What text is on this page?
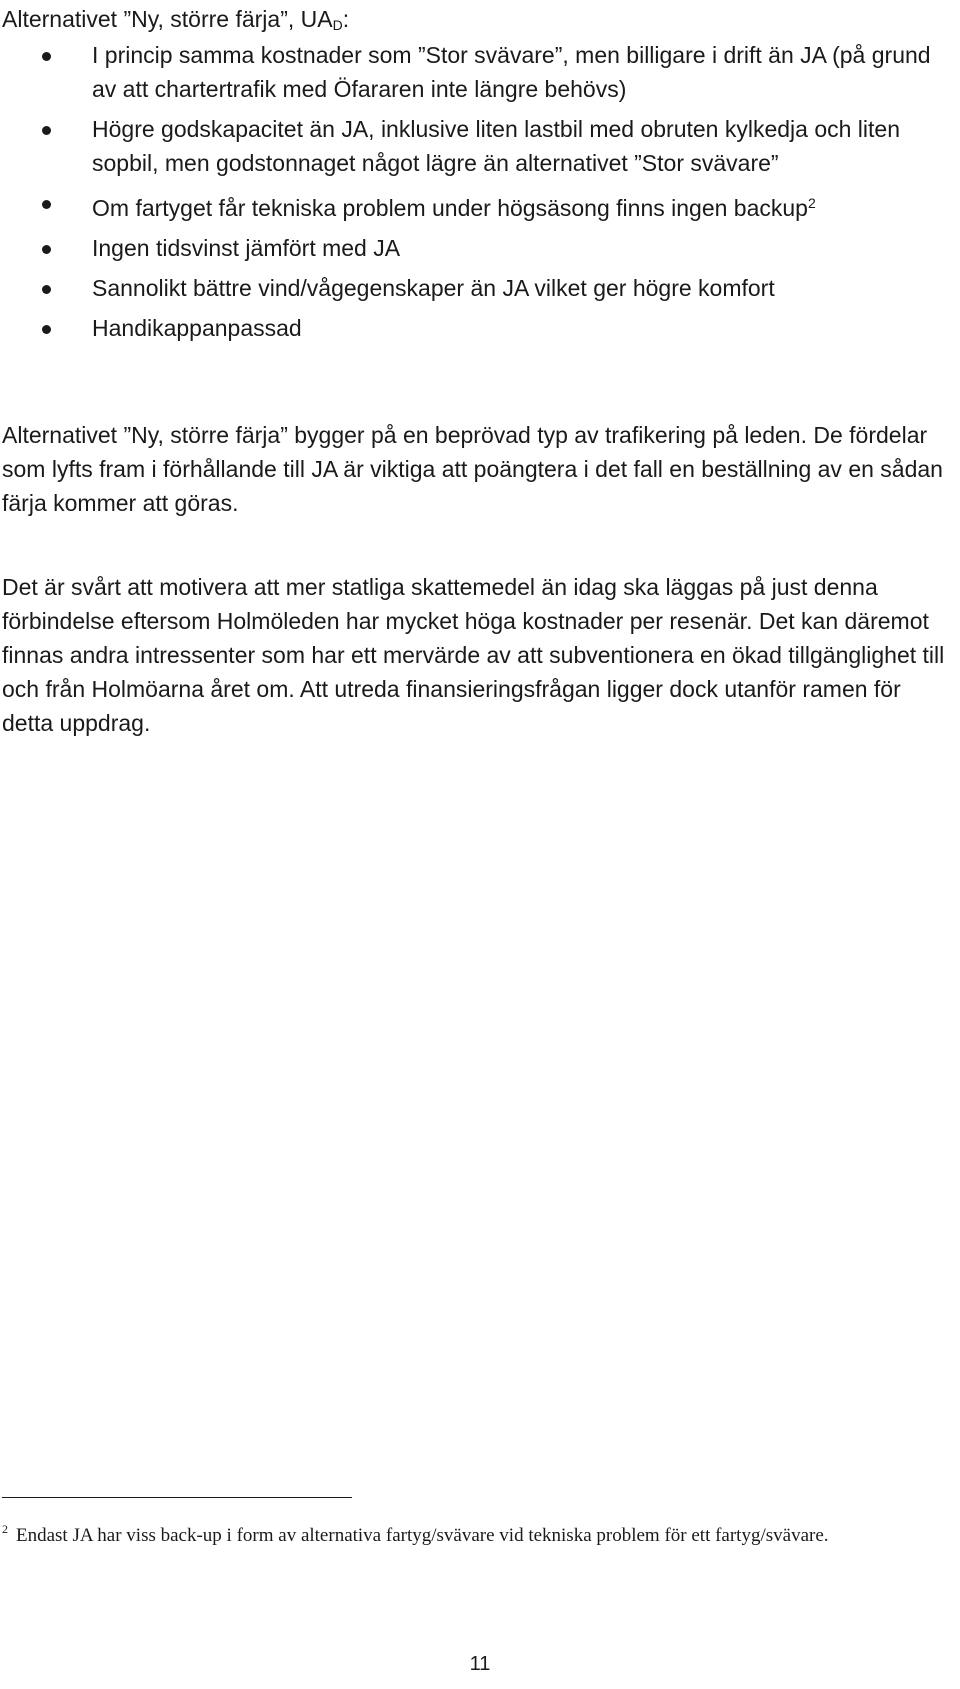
Alternativet ”Ny, större färja”, $UA_D$:
I princip samma kostnader som ”Stor svävare”, men billigare i drift än JA (på grund av att chartertrafik med Öfararen inte längre behövs)
Högre godskapacitet än JA, inklusive liten lastbil med obruten kylkedja och liten sopbil, men godstonnaget något lägre än alternativet ”Stor svävare”
Om fartyget får tekniska problem under högsäsong finns ingen backup$^2$
Ingen tidsvinst jämfört med JA
Sannolikt bättre vind/vågegenskaper än JA vilket ger högre komfort
Handikappanpassad

Alternativet ”Ny, större färja” bygger på en beprövad typ av trafikering på leden. De fördelar som lyfts fram i förhållande till JA är viktiga att poängtera i det fall en beställning av en sådan färja kommer att göras.

Det är svårt att motivera att mer statliga skattemedel än idag ska läggas på just denna förbindelse eftersom Holmöleden har mycket höga kostnader per resenär. Det kan däremot finnas andra intressenter som har ett mervärde av att subventionera en ökad tillgänglighet till och från Holmöarna året om. Att utreda finansieringsfrågan ligger dock utanför ramen för detta uppdrag.

$^2$ Endast JA har viss back-up i form av alternativa fartyg/svävare vid tekniska problem för ett fartyg/svävare.

11
